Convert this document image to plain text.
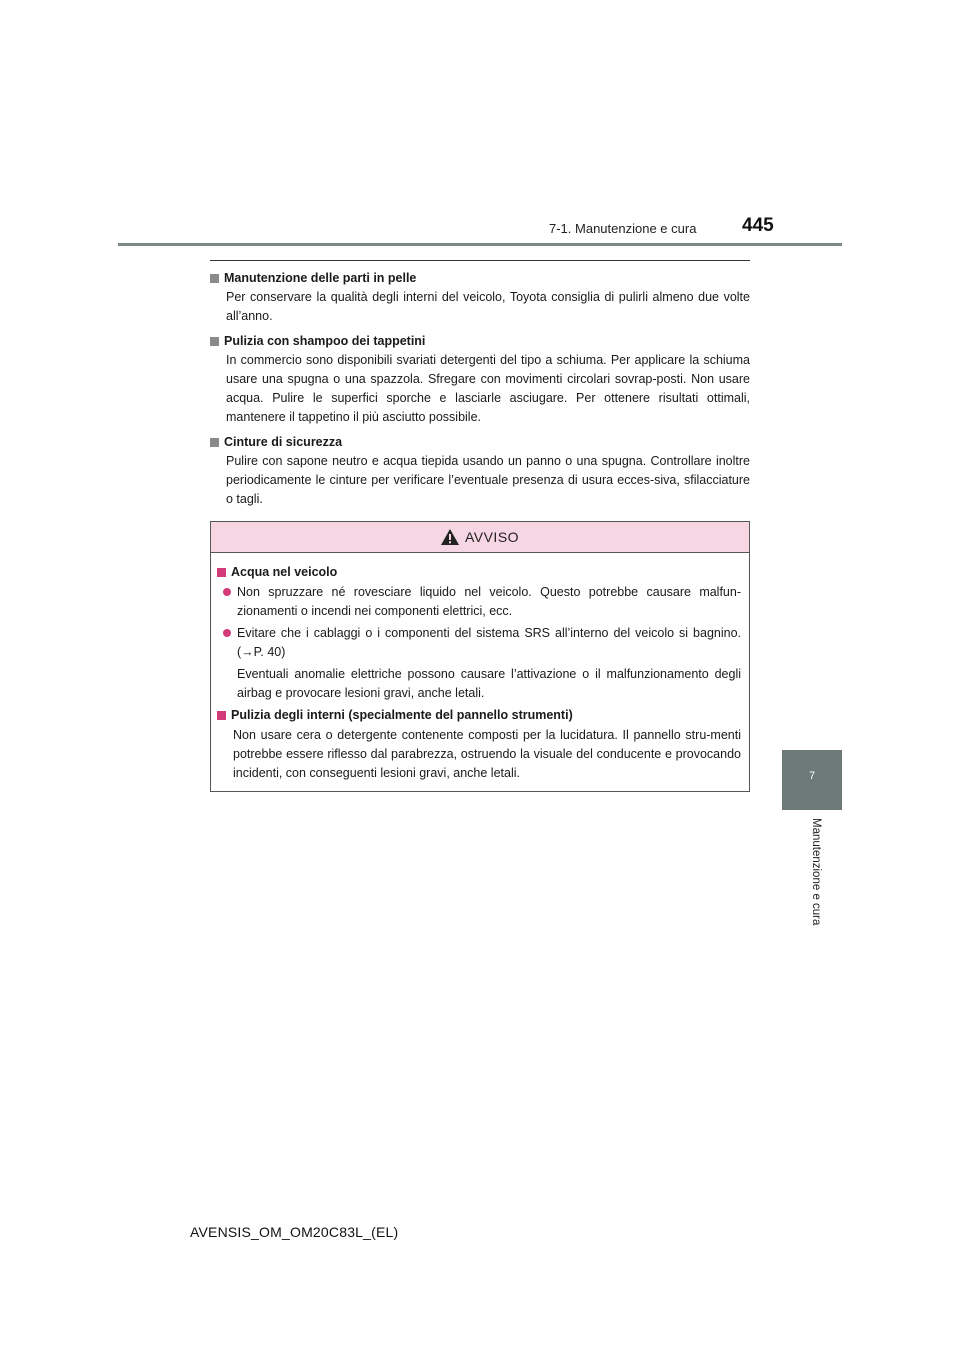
7-1. Manutenzione e cura 445
7
Manutenzione e cura
Manutenzione delle parti in pelle
Per conservare la qualità degli interni del veicolo, Toyota consiglia di pulirli almeno due volte all’anno.
Pulizia con shampoo dei tappetini
In commercio sono disponibili svariati detergenti del tipo a schiuma. Per applicare la schiuma usare una spugna o una spazzola. Sfregare con movimenti circolari sovrap-posti. Non usare acqua. Pulire le superfici sporche e lasciarle asciugare. Per ottenere risultati ottimali, mantenere il tappetino il più asciutto possibile.
Cinture di sicurezza
Pulire con sapone neutro e acqua tiepida usando un panno o una spugna. Controllare inoltre periodicamente le cinture per verificare l’eventuale presenza di usura ecces-siva, sfilacciature o tagli.
AVVISO
Acqua nel veicolo
Non spruzzare né rovesciare liquido nel veicolo. Questo potrebbe causare malfun-zionamenti o incendi nei componenti elettrici, ecc.
Evitare che i cablaggi o i componenti del sistema SRS all’interno del veicolo si bagnino. (→P. 40)
Eventuali anomalie elettriche possono causare l’attivazione o il malfunzionamento degli airbag e provocare lesioni gravi, anche letali.
Pulizia degli interni (specialmente del pannello strumenti)
Non usare cera o detergente contenente composti per la lucidatura. Il pannello stru-menti potrebbe essere riflesso dal parabrezza, ostruendo la visuale del conducente e provocando incidenti, con conseguenti lesioni gravi, anche letali.
AVENSIS_OM_OM20C83L_(EL)
